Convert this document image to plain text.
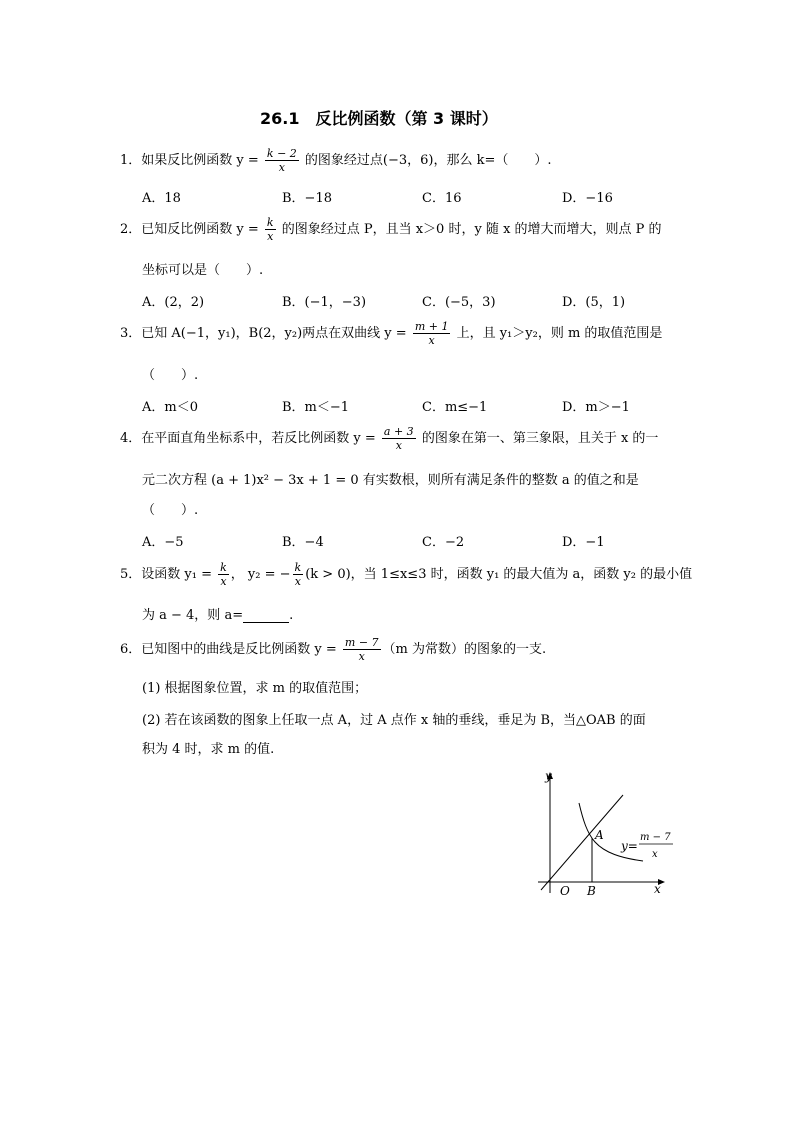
26.1　反比例函数（第 3 课时）
1．如果反比例函数 $y = \frac{k - 2}{x}$ 的图象经过点(−3，6)，那么 k=（　　）.
A．18	B．−18	C．16	D．−16
2．已知反比例函数 $y = \frac{k}{x}$ 的图象经过点 P，且当 x＞0 时，y 随 x 的增大而增大，则点 P 的
坐标可以是（　　）.
A．(2，2)	B．(−1，−3)	C．(−5，3)	D．(5，1)
3．已知 A(−1，y₁)，B(2，y₂)两点在双曲线 $y = \frac{m + 1}{x}$ 上，且 y₁＞y₂，则 m 的取值范围是
（　　）.
A．m＜0	B．m＜−1	C．m≤−1	D．m＞−1
4．在平面直角坐标系中，若反比例函数 $y = \frac{a + 3}{x}$ 的图象在第一、第三象限，且关于 x 的一
元二次方程 (a + 1)x² − 3x + 1 = 0 有实数根，则所有满足条件的整数 a 的值之和是
（　　）.
A．−5	B．−4	C．−2	D．−1
5．设函数 $y_1 = \frac{k}{x}$ ， y₂ = − $\frac{k}{x} (k > 0)$，当 1≤x≤3 时，函数 y₁ 的最大值为 a，函数 y₂ 的最小值
为 a − 4，则 a=	.
6．已知图中的曲线是反比例函数 $y = \frac{m - 7}{x} (m$ 为常数）的图象的一支.
(1) 根据图象位置，求 m 的取值范围；
(2) 若在该函数的图象上任取一点 A，过 A 点作 x 轴的垂线，垂足为 B，当△OAB 的面
积为 4 时，求 m 的值.
y
x
O
A
B
y=
m − 7
x
